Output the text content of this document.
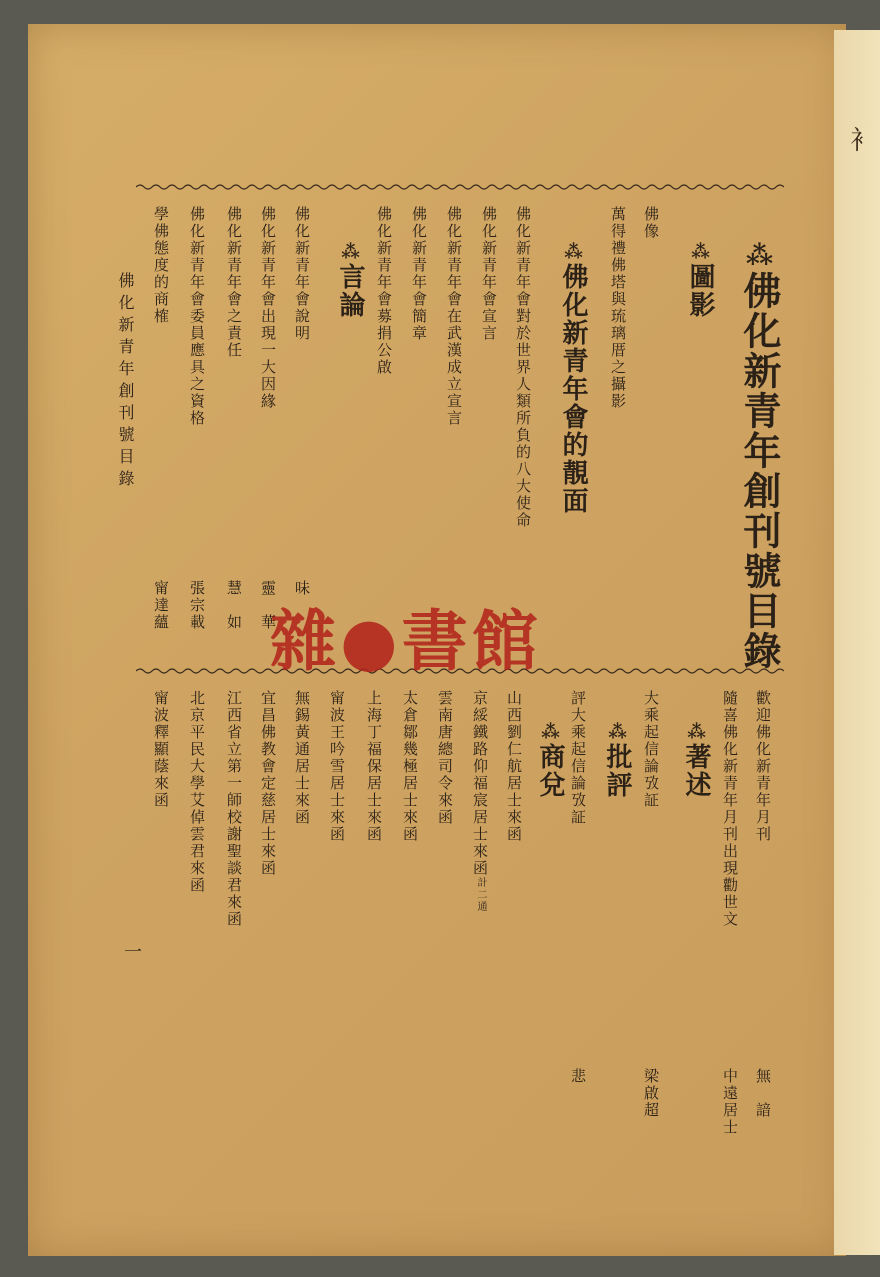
衤
⁂佛化新青年創刊號目錄
⁂圖影
佛像
萬得禮佛塔與琉璃厝之攝影
⁂佛化新青年會的靚面
佛化新青年會對於世界人類所負的八大使命
佛化新青年會宣言
佛化新青年會在武漢成立宣言
佛化新青年會簡章
佛化新青年會募捐公啟
⁂言論
佛化新青年會說明
佛化新青年會出現一大因緣
佛化新青年會之責任
佛化新青年會委員應具之資格
學佛態度的商榷
味
靈　華
慧　如
張宗載
甯達蘊
佛化新青年創刊號目錄
歡迎佛化新青年月刊
隨喜佛化新青年月刊出現勸世文
無　諳
中遠居士
⁂著述
大乘起信論攷証
梁啟超
⁂批評
評大乘起信論攷証
悲
⁂商兌
山西劉仁航居士來函
京綏鐵路仰福宸居士來函計二通
雲南唐總司令來函
太倉鄒幾極居士來函
上海丁福保居士來函
甯波王吟雪居士來函
無錫黃通居士來函
宜昌佛教會定慈居士來函
江西省立第一師校謝聖談君來函
北京平民大學艾倬雲君來函
甯波釋顯蔭來函
一
雜●書館
